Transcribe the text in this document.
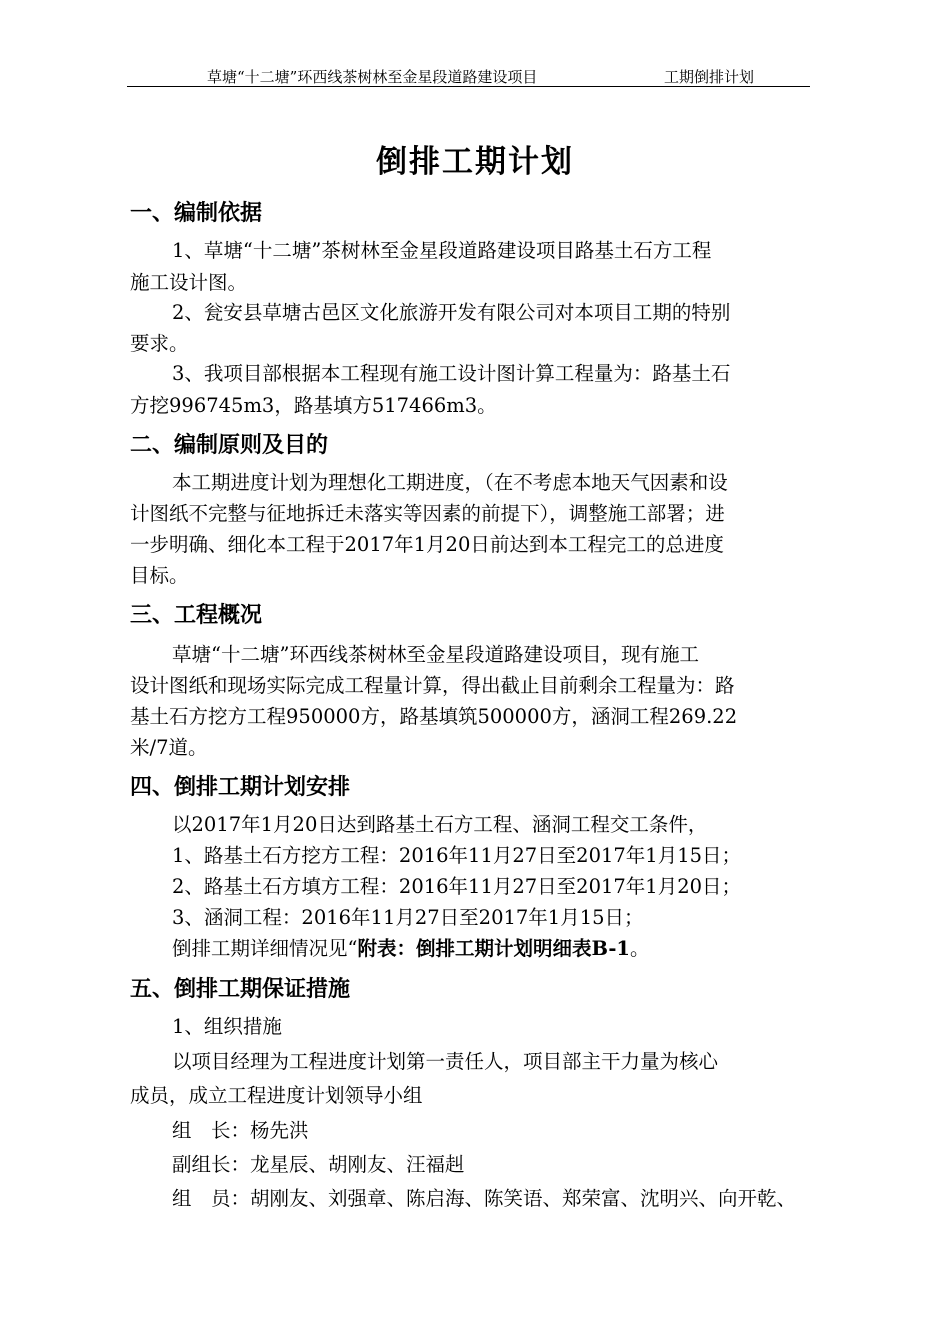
草塘“十二塘”环西线茶树林至金星段道路建设项目	工期倒排计划
倒排工期计划
一、编制依据
1、草塘“十二塘”茶树林至金星段道路建设项目路基土石方工程
施工设计图。
2、瓮安县草塘古邑区文化旅游开发有限公司对本项目工期的特别
要求。
3、我项目部根据本工程现有施工设计图计算工程量为：路基土石
方挖996745m3，路基填方517466m3。
二、编制原则及目的
本工期进度计划为理想化工期进度，（在不考虑本地天气因素和设
计图纸不完整与征地拆迁未落实等因素的前提下），调整施工部署；进
一步明确、细化本工程于2017年1月20日前达到本工程完工的总进度
目标。
三、工程概况
草塘“十二塘”环西线茶树林至金星段道路建设项目，现有施工
设计图纸和现场实际完成工程量计算，得出截止目前剩余工程量为：路
基土石方挖方工程950000方，路基填筑500000方，涵洞工程269.22
米/7道。
四、倒排工期计划安排
以2017年1月20日达到路基土石方工程、涵洞工程交工条件，
1、路基土石方挖方工程：2016年11月27日至2017年1月15日；
2、路基土石方填方工程：2016年11月27日至2017年1月20日；
3、涵洞工程：2016年11月27日至2017年1月15日；
倒排工期详细情况见“附表：倒排工期计划明细表B-1。
五、倒排工期保证措施
1、组织措施
以项目经理为工程进度计划第一责任人，项目部主干力量为核心
成员，成立工程进度计划领导小组
组　长：杨先洪
副组长：龙星辰、胡刚友、汪福赳
组　员：胡刚友、刘强章、陈启海、陈笑语、郑荣富、沈明兴、向开乾、
